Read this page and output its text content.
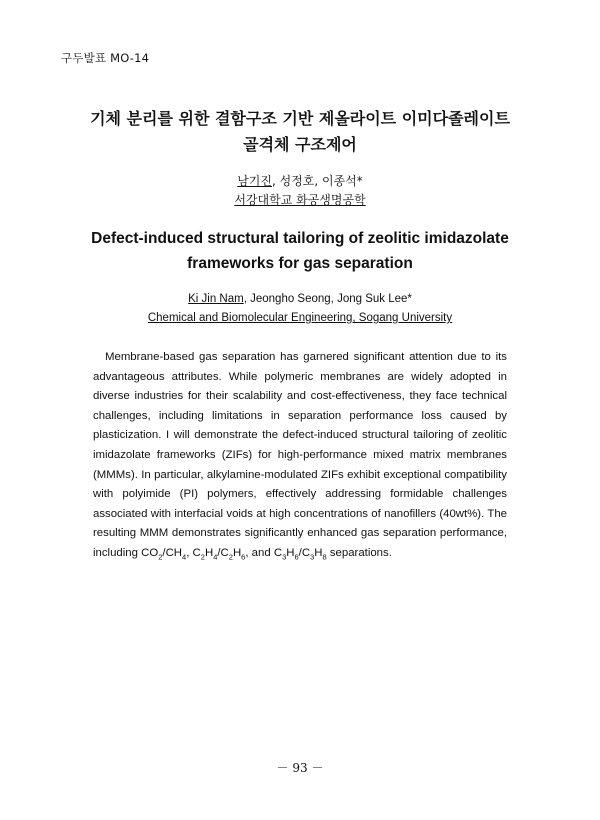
구두발표 MO-14
기체 분리를 위한 결함구조 기반 제올라이트 이미다졸레이트
골격체 구조제어
남기진, 성정호, 이종석*
서강대학교 화공생명공학
Defect-induced structural tailoring of zeolitic imidazolate
frameworks for gas separation
Ki Jin Nam, Jeongho Seong, Jong Suk Lee*
Chemical and Biomolecular Engineering, Sogang University

Membrane-based gas separation has garnered significant attention due to its advantageous attributes. While polymeric membranes are widely adopted in diverse industries for their scalability and cost-effectiveness, they face technical challenges, including limitations in separation performance loss caused by plasticization. I will demonstrate the defect-induced structural tailoring of zeolitic imidazolate frameworks (ZIFs) for high-performance mixed matrix membranes (MMMs). In particular, alkylamine-modulated ZIFs exhibit exceptional compatibility with polyimide (PI) polymers, effectively addressing formidable challenges associated with interfacial voids at high concentrations of nanofillers (40wt%). The resulting MMM demonstrates significantly enhanced gas separation performance, including $CO_2/CH_4$, $C_2H_4/C_2H_6$, and $C_3H_6/C_3H_8$ separations.

－ 93 －
